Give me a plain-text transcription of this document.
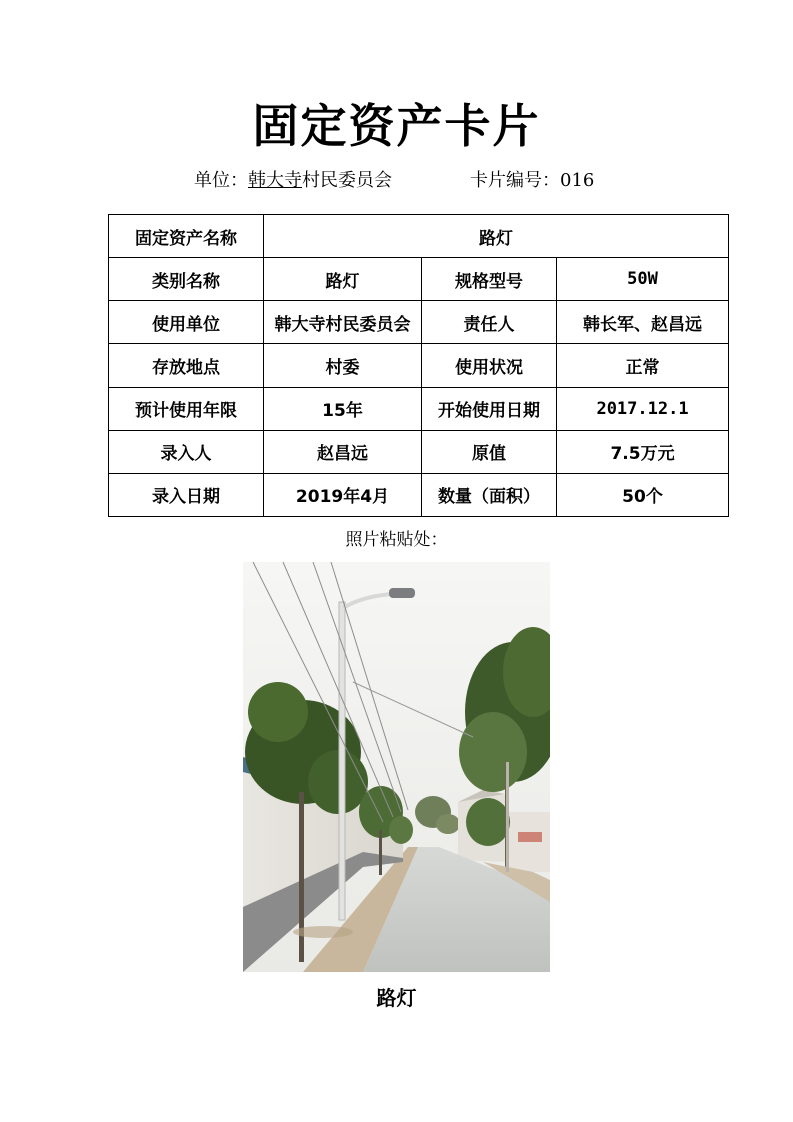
固定资产卡片
单位：韩大寺村民委员会	卡片编号：016
固定资产名称	路灯		
类别名称	路灯	规格型号	50W
使用单位	韩大寺村民委员会	责任人	韩长军、赵昌远
存放地点	村委	使用状况	正常
预计使用年限	15年	开始使用日期	2017.12.1
录入人	赵昌远	原值	7.5万元
录入日期	2019年4月	数量（面积）	50个
照片粘贴处：
路灯
